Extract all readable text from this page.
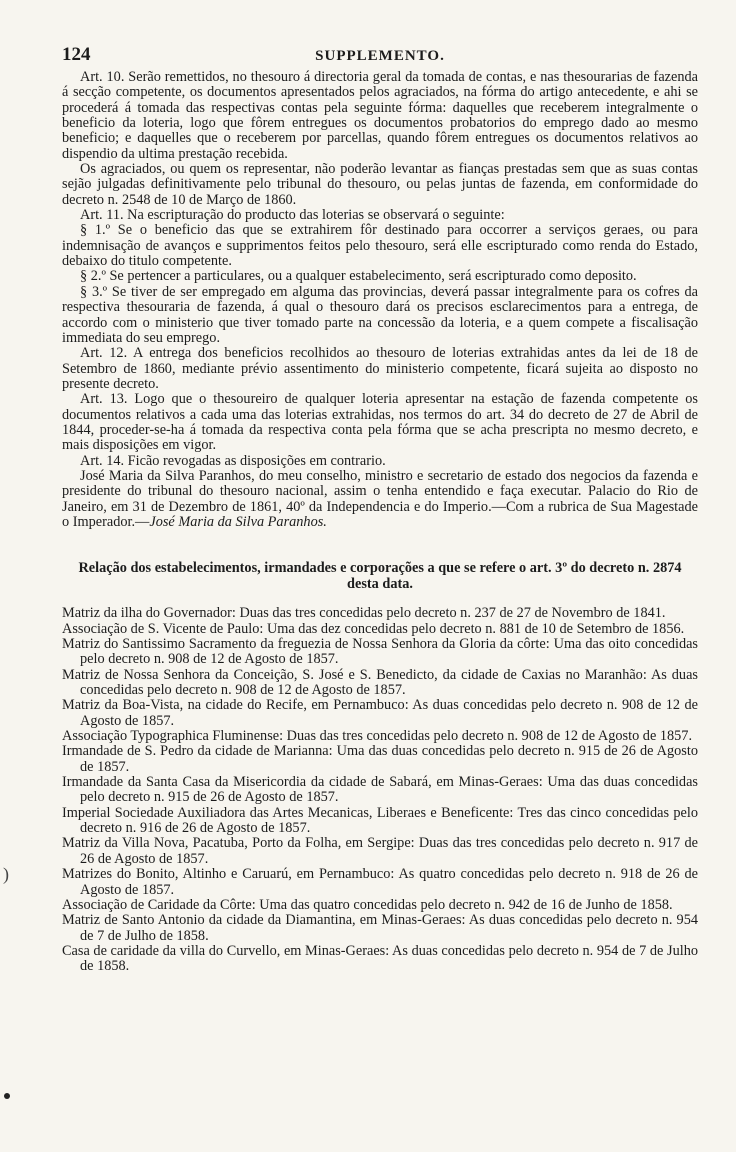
)
124	SUPPLEMENTO.

Art. 10. Serão remettidos, no thesouro á directoria geral da tomada de contas, e nas thesourarias de fazenda á secção competente, os documentos apresentados pelos agraciados, na fórma do artigo antecedente, e ahi se procederá á tomada das respectivas contas pela seguinte fórma: daquelles que receberem integralmente o beneficio da loteria, logo que fôrem entregues os documentos probatorios do emprego dado ao mesmo beneficio; e daquelles que o receberem por parcellas, quando fôrem entregues os documentos relativos ao dispendio da ultima prestação recebida.

Os agraciados, ou quem os representar, não poderão levantar as fianças prestadas sem que as suas contas sejão julgadas definitivamente pelo tribunal do thesouro, ou pelas juntas de fazenda, em conformidade do decreto n. 2548 de 10 de Março de 1860.

Art. 11. Na escripturação do producto das loterias se observará o seguinte:

§ 1.º Se o beneficio das que se extrahirem fôr destinado para occorrer a serviços geraes, ou para indemnisação de avanços e supprimentos feitos pelo thesouro, será elle escripturado como renda do Estado, debaixo do titulo competente.

§ 2.º Se pertencer a particulares, ou a qualquer estabelecimento, será escripturado como deposito.

§ 3.º Se tiver de ser empregado em alguma das provincias, deverá passar integralmente para os cofres da respectiva thesouraria de fazenda, á qual o thesouro dará os precisos esclarecimentos para a entrega, de accordo com o ministerio que tiver tomado parte na concessão da loteria, e a quem compete a fiscalisação immediata do seu emprego.

Art. 12. A entrega dos beneficios recolhidos ao thesouro de loterias extrahidas antes da lei de 18 de Setembro de 1860, mediante prévio assentimento do ministerio competente, ficará sujeita ao disposto no presente decreto.

Art. 13. Logo que o thesoureiro de qualquer loteria apresentar na estação de fazenda competente os documentos relativos a cada uma das loterias extrahidas, nos termos do art. 34 do decreto de 27 de Abril de 1844, proceder-se-ha á tomada da respectiva conta pela fórma que se acha prescripta no mesmo decreto, e mais disposições em vigor.

Art. 14. Ficão revogadas as disposições em contrario.

José Maria da Silva Paranhos, do meu conselho, ministro e secretario de estado dos negocios da fazenda e presidente do tribunal do thesouro nacional, assim o tenha entendido e faça executar. Palacio do Rio de Janeiro, em 31 de Dezembro de 1861, 40º da Independencia e do Imperio.—Com a rubrica de Sua Magestade o Imperador.—José Maria da Silva Paranhos.

Relação dos estabelecimentos, irmandades e corporações a que se refere o art. 3º do decreto n. 2874 desta data.

Matriz da ilha do Governador: Duas das tres concedidas pelo decreto n. 237 de 27 de Novembro de 1841.

Associação de S. Vicente de Paulo: Uma das dez concedidas pelo decreto n. 881 de 10 de Setembro de 1856.

Matriz do Santissimo Sacramento da freguezia de Nossa Senhora da Gloria da côrte: Uma das oito concedidas pelo decreto n. 908 de 12 de Agosto de 1857.

Matriz de Nossa Senhora da Conceição, S. José e S. Benedicto, da cidade de Caxias no Maranhão: As duas concedidas pelo decreto n. 908 de 12 de Agosto de 1857.

Matriz da Boa-Vista, na cidade do Recife, em Pernambuco: As duas concedidas pelo decreto n. 908 de 12 de Agosto de 1857.

Associação Typographica Fluminense: Duas das tres concedidas pelo decreto n. 908 de 12 de Agosto de 1857.

Irmandade de S. Pedro da cidade de Marianna: Uma das duas concedidas pelo decreto n. 915 de 26 de Agosto de 1857.

Irmandade da Santa Casa da Misericordia da cidade de Sabará, em Minas-Geraes: Uma das duas concedidas pelo decreto n. 915 de 26 de Agosto de 1857.

Imperial Sociedade Auxiliadora das Artes Mecanicas, Liberaes e Beneficente: Tres das cinco concedidas pelo decreto n. 916 de 26 de Agosto de 1857.

Matriz da Villa Nova, Pacatuba, Porto da Folha, em Sergipe: Duas das tres concedidas pelo decreto n. 917 de 26 de Agosto de 1857.

Matrizes do Bonito, Altinho e Caruarú, em Pernambuco: As quatro concedidas pelo decreto n. 918 de 26 de Agosto de 1857.

Associação de Caridade da Côrte: Uma das quatro concedidas pelo decreto n. 942 de 16 de Junho de 1858.

Matriz de Santo Antonio da cidade da Diamantina, em Minas-Geraes: As duas concedidas pelo decreto n. 954 de 7 de Julho de 1858.

Casa de caridade da villa do Curvello, em Minas-Geraes: As duas concedidas pelo decreto n. 954 de 7 de Julho de 1858.
